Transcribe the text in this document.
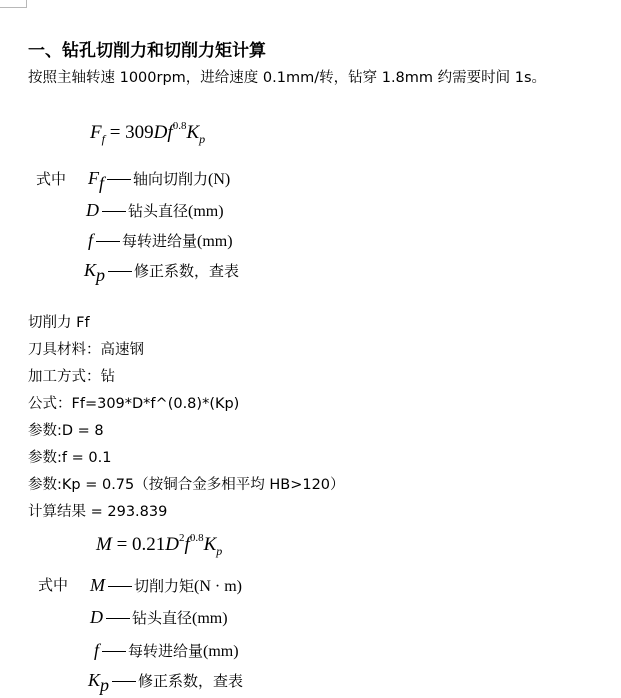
一、钻孔切削力和切削力矩计算
按照主轴转速 1000rpm，进给速度 0.1mm/转，钻穿 1.8mm 约需要时间 1s。
$F_f = 309Df^{0.8}K_p$
式中 Ff 轴向切削力(N)
D 钻头直径(mm)
f 每转进给量(mm)
Kp 修正系数，查表
切削力 Ff
刀具材料：高速钢
加工方式：钻
公式：Ff=309*D*f^(0.8)*(Kp)
参数:D = 8
参数:f = 0.1
参数:Kp = 0.75（按铜合金多相平均 HB>120）
计算结果 = 293.839
$M = 0.21D^2f^{0.8}K_p$
式中 M 切削力矩(N · m)
D 钻头直径(mm)
f 每转进给量(mm)
Kp 修正系数，查表
